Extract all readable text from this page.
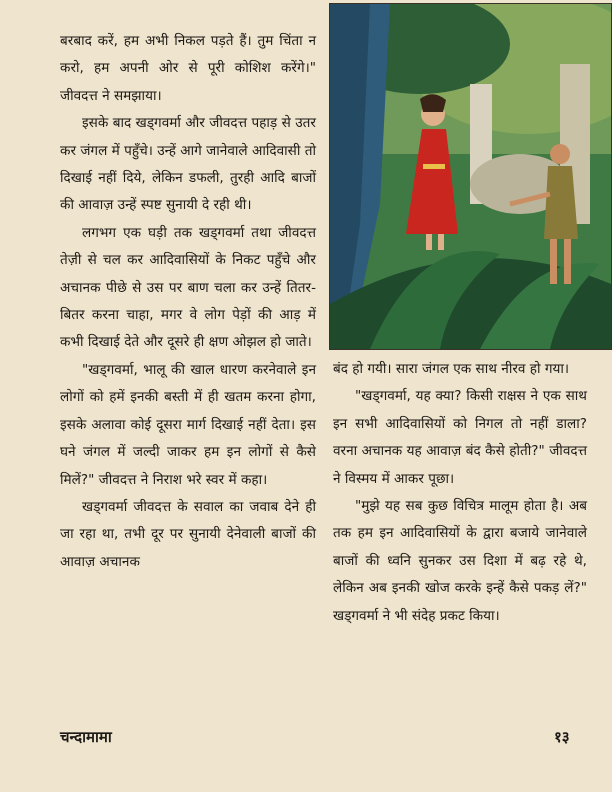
बरबाद करें, हम अभी निकल पड़ते हैं। तुम चिंता न करो, हम अपनी ओर से पूरी कोशिश करेंगे।" जीवदत्त ने समझाया।

इसके बाद खड्गवर्मा और जीवदत्त पहाड़ से उतर कर जंगल में पहुँचे। उन्हें आगे जानेवाले आदिवासी तो दिखाई नहीं दिये, लेकिन डफली, तुरही आदि बाजों की आवाज़ उन्हें स्पष्ट सुनायी दे रही थी।

लगभग एक घड़ी तक खड्गवर्मा तथा जीवदत्त तेज़ी से चल कर आदिवासियों के निकट पहुँचे और अचानक पीछे से उस पर बाण चला कर उन्हें तितर-बितर करना चाहा, मगर वे लोग पेड़ों की आड़ में कभी दिखाई देते और दूसरे ही क्षण ओझल हो जाते।

"खड्गवर्मा, भालू की खाल धारण करनेवाले इन लोगों को हमें इनकी बस्ती में ही खतम करना होगा, इसके अलावा कोई दूसरा मार्ग दिखाई नहीं देता। इस घने जंगल में जल्दी जाकर हम इन लोगों से कैसे मिलें?" जीवदत्त ने निराश भरे स्वर में कहा।

खड्गवर्मा जीवदत्त के सवाल का जवाब देने ही जा रहा था, तभी दूर पर सुनायी देनेवाली बाजों की आवाज़ अचानक

बंद हो गयी। सारा जंगल एक साथ नीरव हो गया।

"खड्गवर्मा, यह क्या? किसी राक्षस ने एक साथ इन सभी आदिवासियों को निगल तो नहीं डाला? वरना अचानक यह आवाज़ बंद कैसे होती?" जीवदत्त ने विस्मय में आकर पूछा।

"मुझे यह सब कुछ विचित्र मालूम होता है। अब तक हम इन आदिवासियों के द्वारा बजाये जानेवाले बाजों की ध्वनि सुनकर उस दिशा में बढ़ रहे थे, लेकिन अब इनकी खोज करके इन्हें कैसे पकड़ लें?" खड्गवर्मा ने भी संदेह प्रकट किया।

चन्दामामा	१३
